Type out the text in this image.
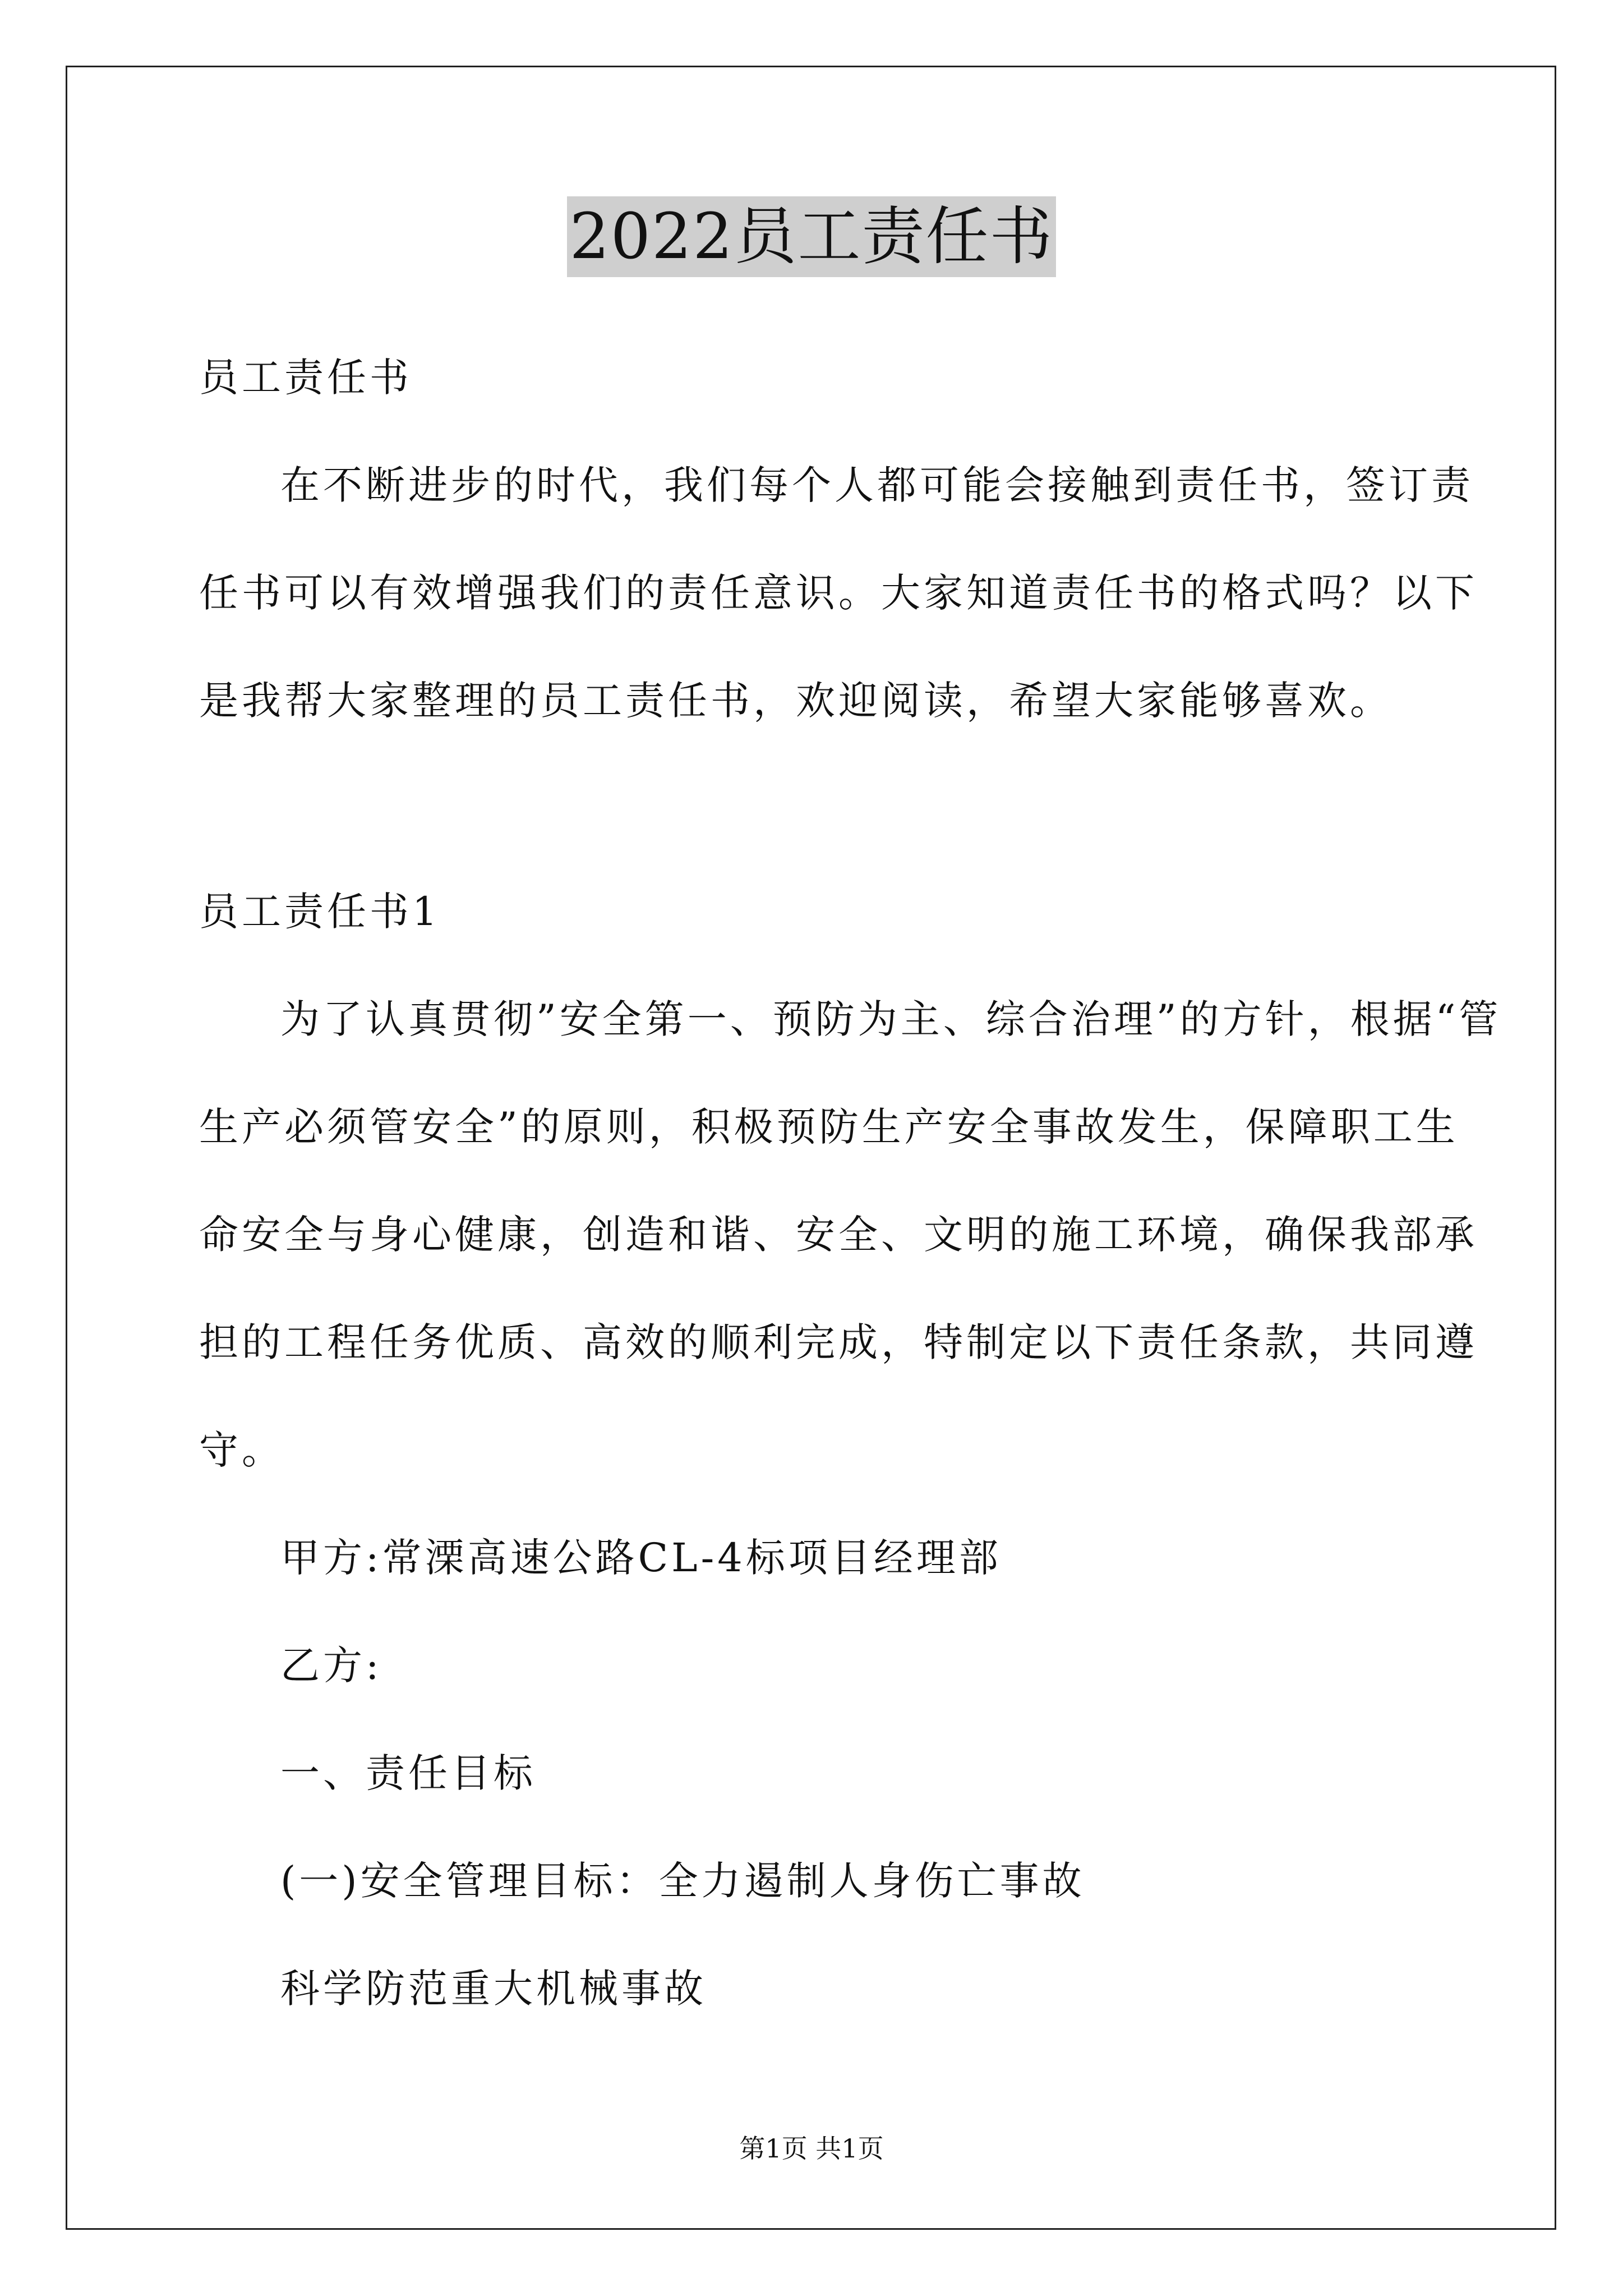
2022员工责任书
员工责任书
在不断进步的时代，我们每个人都可能会接触到责任书，签订责
任书可以有效增强我们的责任意识。大家知道责任书的格式吗？以下
是我帮大家整理的员工责任书，欢迎阅读，希望大家能够喜欢。
员工责任书1
为了认真贯彻”安全第一、预防为主、综合治理”的方针，根据“管
生产必须管安全”的原则，积极预防生产安全事故发生，保障职工生
命安全与身心健康，创造和谐、安全、文明的施工环境，确保我部承
担的工程任务优质、高效的顺利完成，特制定以下责任条款，共同遵
守。
甲方:常溧高速公路CL-4标项目经理部
乙方:
一、责任目标
(一)安全管理目标：全力遏制人身伤亡事故
科学防范重大机械事故
第1页 共1页
